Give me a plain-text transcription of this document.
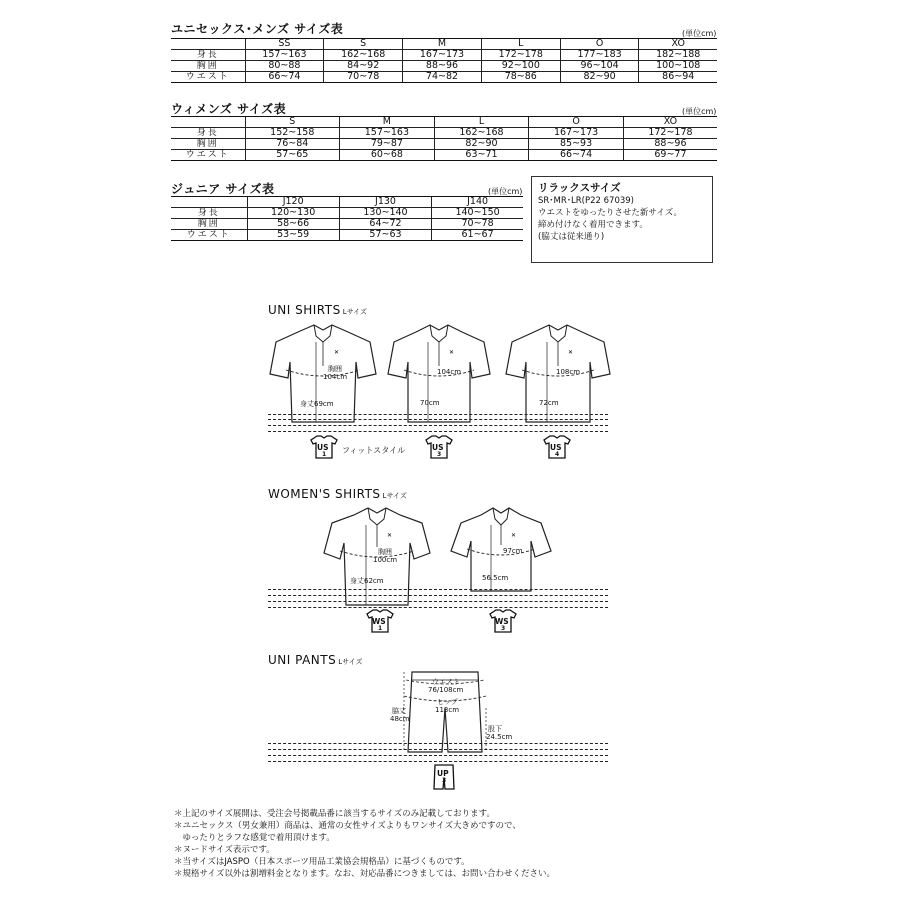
ユニセックス･メンズ サイズ表	(単位cm)
	SS	S	M	L	O	XO
身長	157~163	162~168	167~173	172~178	177~183	182~188
胸囲	80~88	84~92	88~96	92~100	96~104	100~108
ウエスト	66~74	70~78	74~82	78~86	82~90	86~94
ウィメンズ サイズ表	(単位cm)
	S	M	L	O	XO
身長	152~158	157~163	162~168	167~173	172~178
胸囲	76~84	79~87	82~90	85~93	88~96
ウエスト	57~65	60~68	63~71	66~74	69~77
ジュニア サイズ表	(単位cm)
	J120	J130	J140
身長	120~130	130~140	140~150
胸囲	58~66	64~72	70~78
ウエスト	53~59	57~63	61~67
リラックスサイズ
SR･MR･LR(P22 67039)
ウエストをゆったりさせた新サイズ。
締め付けなく着用できます。
(脇丈は従来通り)
UNI SHIRTS Lサイズ
✕
胸囲
104cm
身丈69cm
✕
104cm
70cm
✕
108cm
72cm
US
1 フィットスタイル	US
3
US
4
WOMEN'S SHIRTS Lサイズ
✕
胸囲
100cm
身丈62cm
✕
97cm
56.5cm
WS
1
WS
3
UNI PANTS Lサイズ
ウエスト
76/108cm
ヒップ
113cm
脇丈
48cm
股下
24.5cm
UP
3
＊上記のサイズ展開は、受注会号掲載品番に該当するサイズのみ記載しております。
＊ユニセックス（男女兼用）商品は、通常の女性サイズよりもワンサイズ大きめですので、
　ゆったりとラフな感覚で着用頂けます。
＊ヌードサイズ表示です。
＊当サイズはJASPO（日本スポーツ用品工業協会規格品）に基づくものです。
＊規格サイズ以外は割増料金となります。なお、対応品番につきましては、お問い合わせください。
